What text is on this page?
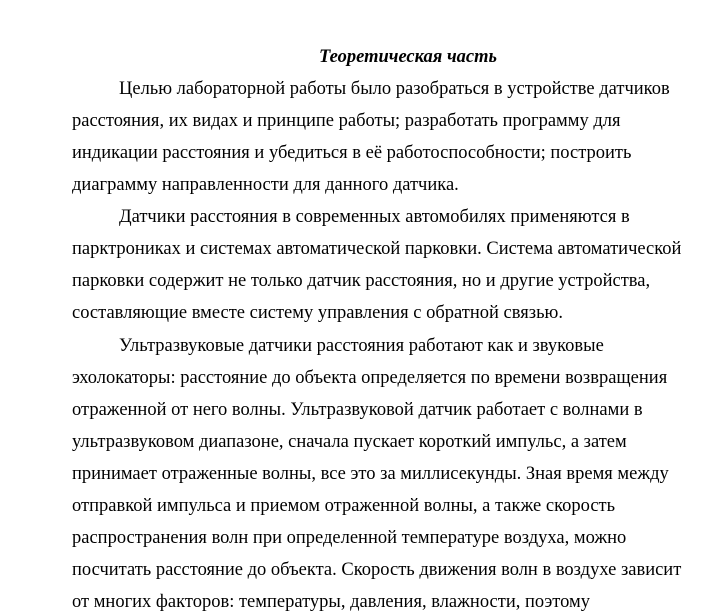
Теоретическая часть
Целью лабораторной работы было разобраться в устройстве датчиков
расстояния, их видах и принципе работы; разработать программу для
индикации расстояния и убедиться в её работоспособности; построить
диаграмму направленности для данного датчика.
Датчики расстояния в современных автомобилях применяются в
парктрониках и системах автоматической парковки. Система автоматической
парковки содержит не только датчик расстояния, но и другие устройства,
составляющие вместе систему управления с обратной связью.
Ультразвуковые датчики расстояния работают как и звуковые
эхолокаторы: расстояние до объекта определяется по времени возвращения
отраженной от него волны. Ультразвуковой датчик работает с волнами в
ультразвуковом диапазоне, сначала пускает короткий импульс, а затем
принимает отраженные волны, все это за миллисекунды. Зная время между
отправкой импульса и приемом отраженной волны, а также скорость
распространения волн при определенной температуре воздуха, можно
посчитать расстояние до объекта. Скорость движения волн в воздухе зависит
от многих факторов: температуры, давления, влажности, поэтому
